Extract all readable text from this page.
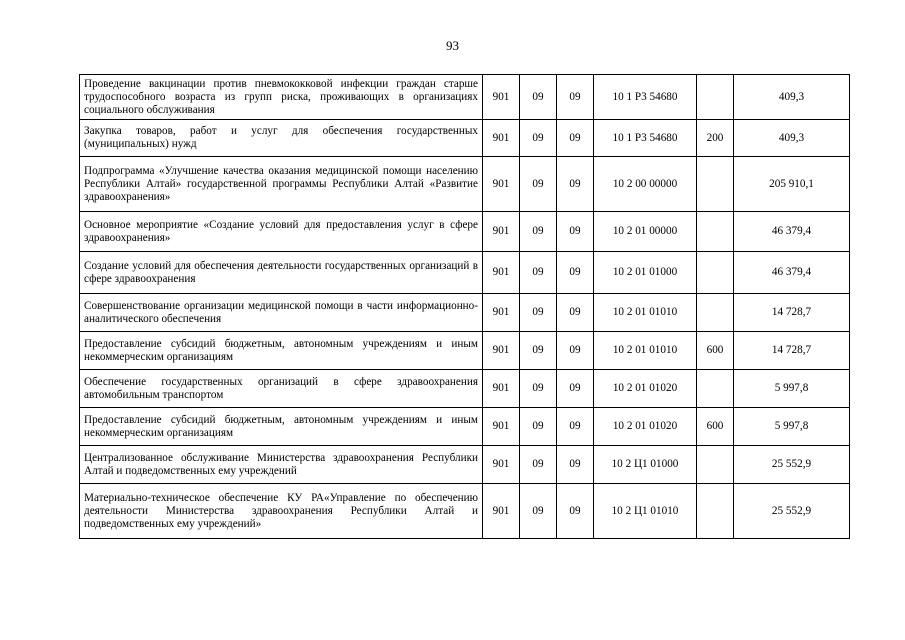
93
Проведение вакцинации против пневмококковой инфекции граждан старше трудоспособного возраста из групп риска, проживающих в организациях социального обслуживания	901	09	09	10 1 P3 54680		409,3
Закупка товаров, работ и услуг для обеспечения государственных (муниципальных) нужд	901	09	09	10 1 P3 54680	200	409,3
Подпрограмма «Улучшение качества оказания медицинской помощи населению Республики Алтай» государственной программы Республики Алтай «Развитие здравоохранения»	901	09	09	10 2 00 00000		205 910,1
Основное мероприятие «Создание условий для предоставления услуг в сфере здравоохранения»	901	09	09	10 2 01 00000		46 379,4
Создание условий для обеспечения деятельности государственных организаций в сфере здравоохранения	901	09	09	10 2 01 01000		46 379,4
Совершенствование организации медицинской помощи в части информационно-аналитического обеспечения	901	09	09	10 2 01 01010		14 728,7
Предоставление субсидий бюджетным, автономным учреждениям и иным некоммерческим организациям	901	09	09	10 2 01 01010	600	14 728,7
Обеспечение государственных организаций в сфере здравоохранения автомобильным транспортом	901	09	09	10 2 01 01020		5 997,8
Предоставление субсидий бюджетным, автономным учреждениям и иным некоммерческим организациям	901	09	09	10 2 01 01020	600	5 997,8
Централизованное обслуживание Министерства здравоохранения Республики Алтай и подведомственных ему учреждений	901	09	09	10 2 Ц1 01000		25 552,9
Материально-техническое обеспечение КУ РА«Управление по обеспечению деятельности Министерства здравоохранения Республики Алтай и подведомственных ему учреждений»	901	09	09	10 2 Ц1 01010		25 552,9
